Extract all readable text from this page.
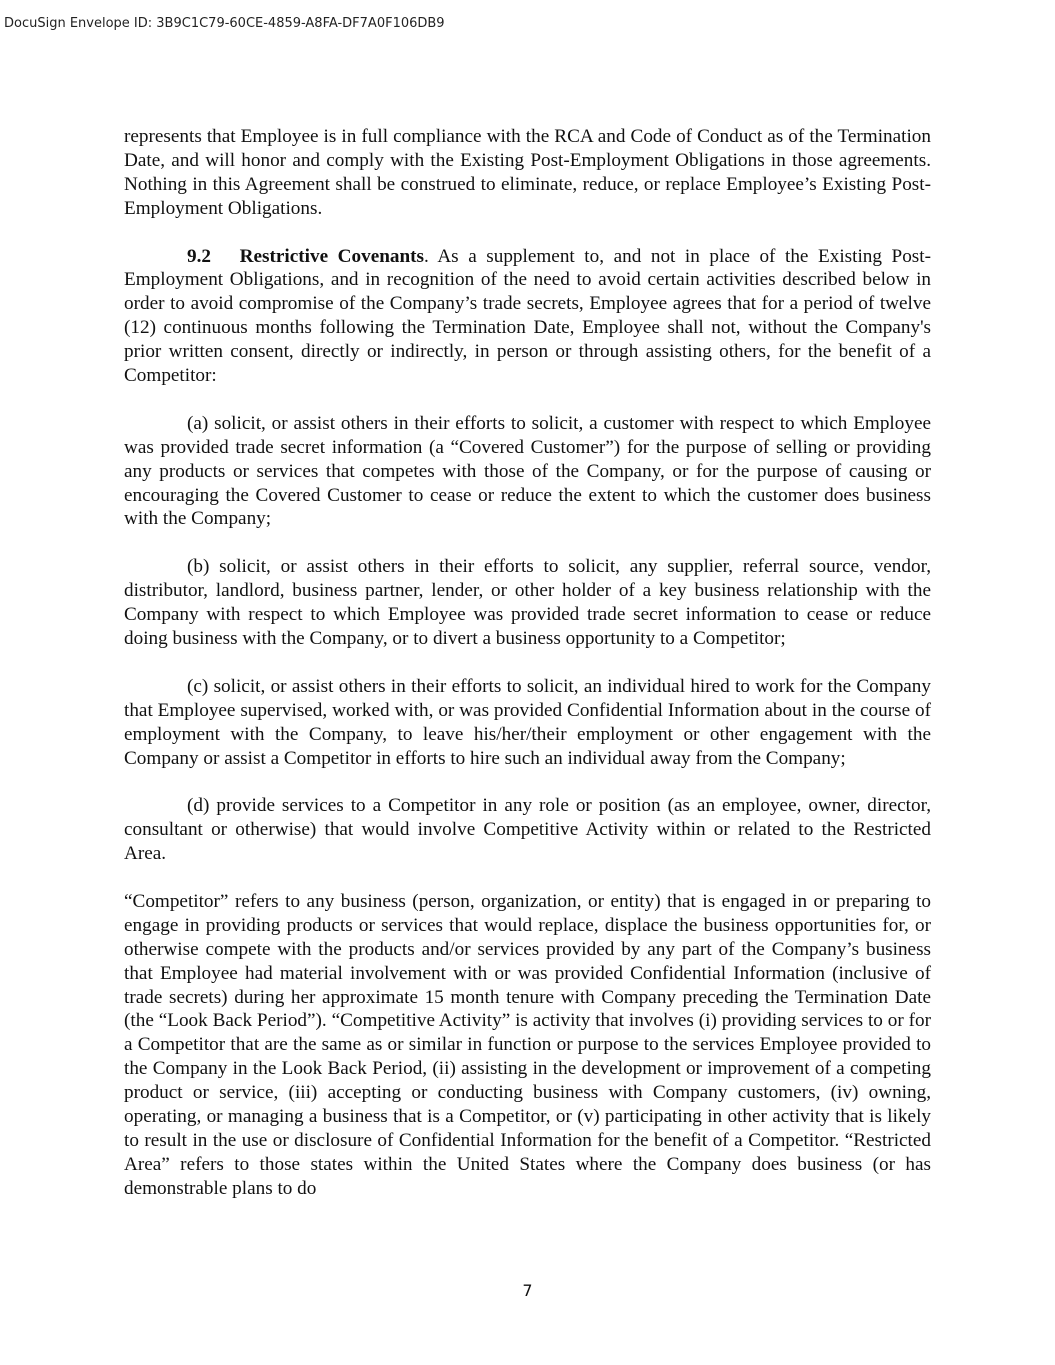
DocuSign Envelope ID: 3B9C1C79-60CE-4859-A8FA-DF7A0F106DB9

represents that Employee is in full compliance with the RCA and Code of Conduct as of the Termination Date, and will honor and comply with the Existing Post-Employment Obligations in those agreements. Nothing in this Agreement shall be construed to eliminate, reduce, or replace Employee’s Existing Post-Employment Obligations.

9.2 Restrictive Covenants. As a supplement to, and not in place of the Existing Post-Employment Obligations, and in recognition of the need to avoid certain activities described below in order to avoid compromise of the Company’s trade secrets, Employee agrees that for a period of twelve (12) continuous months following the Termination Date, Employee shall not, without the Company's prior written consent, directly or indirectly, in person or through assisting others, for the benefit of a Competitor:

(a) solicit, or assist others in their efforts to solicit, a customer with respect to which Employee was provided trade secret information (a “Covered Customer”) for the purpose of selling or providing any products or services that competes with those of the Company, or for the purpose of causing or encouraging the Covered Customer to cease or reduce the extent to which the customer does business with the Company;

(b) solicit, or assist others in their efforts to solicit, any supplier, referral source, vendor, distributor, landlord, business partner, lender, or other holder of a key business relationship with the Company with respect to which Employee was provided trade secret information to cease or reduce doing business with the Company, or to divert a business opportunity to a Competitor;

(c) solicit, or assist others in their efforts to solicit, an individual hired to work for the Company that Employee supervised, worked with, or was provided Confidential Information about in the course of employment with the Company, to leave his/her/their employment or other engagement with the Company or assist a Competitor in efforts to hire such an individual away from the Company;

(d) provide services to a Competitor in any role or position (as an employee, owner, director, consultant or otherwise) that would involve Competitive Activity within or related to the Restricted Area.

“Competitor” refers to any business (person, organization, or entity) that is engaged in or preparing to engage in providing products or services that would replace, displace the business opportunities for, or otherwise compete with the products and/or services provided by any part of the Company’s business that Employee had material involvement with or was provided Confidential Information (inclusive of trade secrets) during her approximate 15 month tenure with Company preceding the Termination Date (the “Look Back Period”). “Competitive Activity” is activity that involves (i) providing services to or for a Competitor that are the same as or similar in function or purpose to the services Employee provided to the Company in the Look Back Period, (ii) assisting in the development or improvement of a competing product or service, (iii) accepting or conducting business with Company customers, (iv) owning, operating, or managing a business that is a Competitor, or (v) participating in other activity that is likely to result in the use or disclosure of Confidential Information for the benefit of a Competitor. “Restricted Area” refers to those states within the United States where the Company does business (or has demonstrable plans to do

7
